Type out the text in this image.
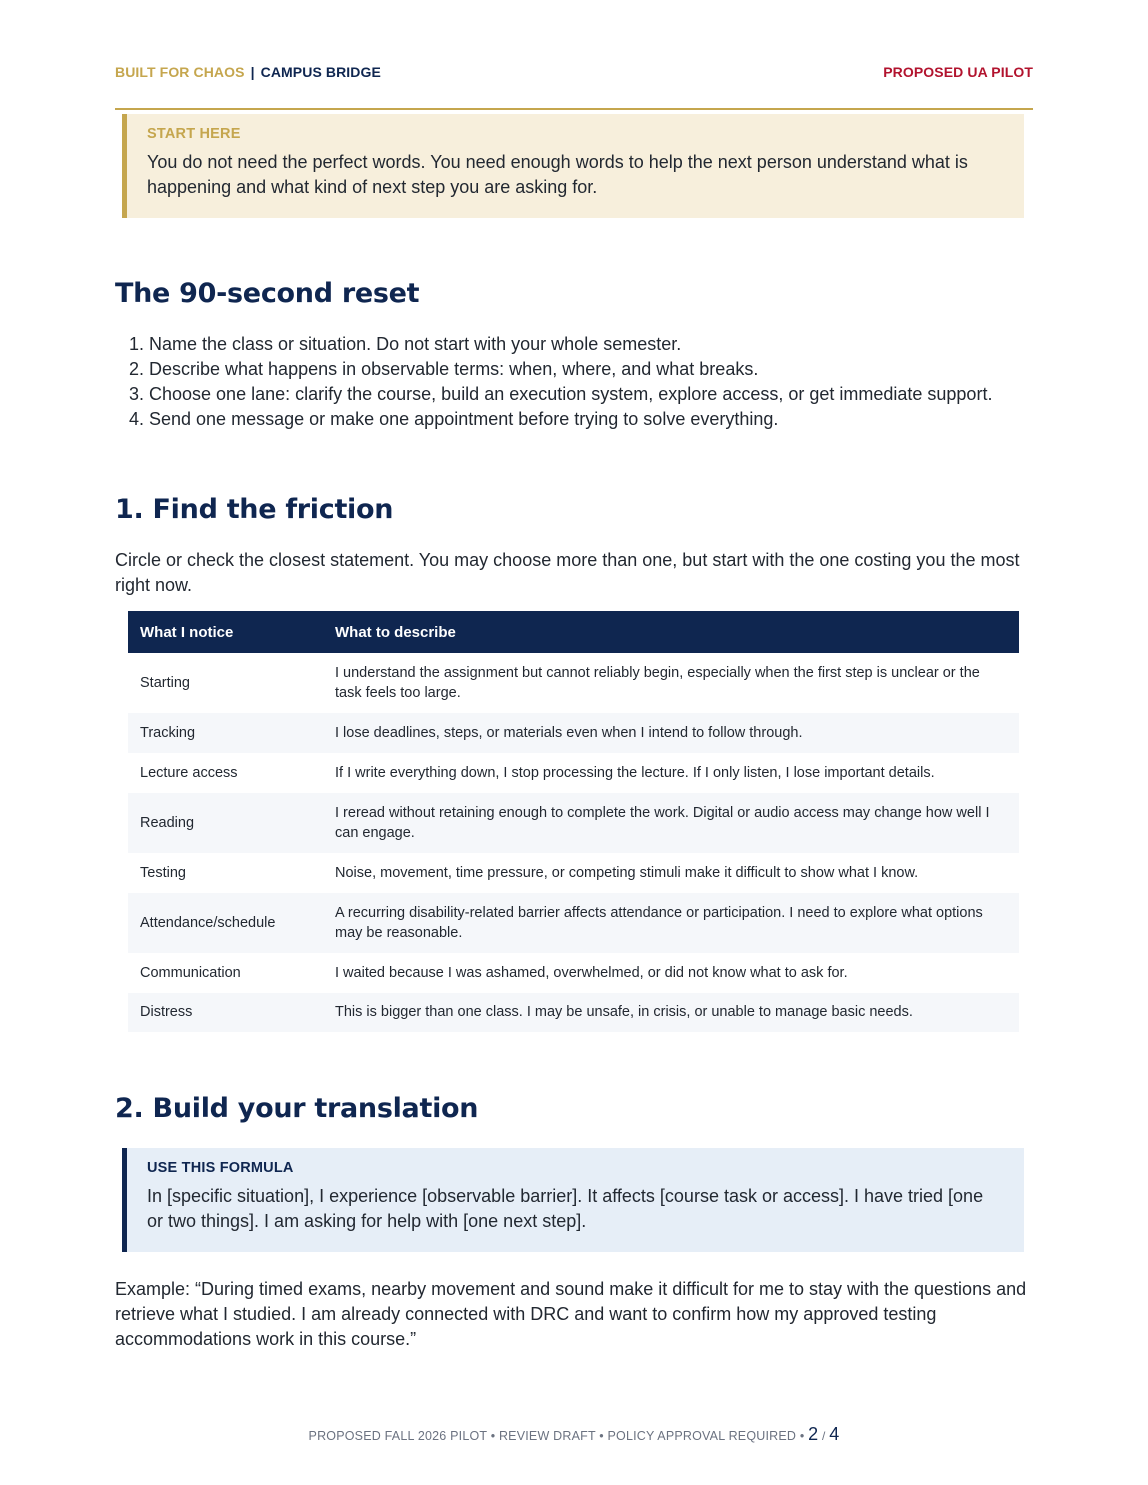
BUILT FOR CHAOS | CAMPUS BRIDGE	PROPOSED UA PILOT
START HERE
You do not need the perfect words. You need enough words to help the next person understand what is happening and what kind of next step you are asking for.
The 90-second reset
1. Name the class or situation. Do not start with your whole semester.
2. Describe what happens in observable terms: when, where, and what breaks.
3. Choose one lane: clarify the course, build an execution system, explore access, or get immediate support.
4. Send one message or make one appointment before trying to solve everything.
1. Find the friction

Circle or check the closest statement. You may choose more than one, but start with the one costing you the most right now.

What I notice	What to describe
Starting	I understand the assignment but cannot reliably begin, especially when the first step is unclear or the task feels too large.
Tracking	I lose deadlines, steps, or materials even when I intend to follow through.
Lecture access	If I write everything down, I stop processing the lecture. If I only listen, I lose important details.
Reading	I reread without retaining enough to complete the work. Digital or audio access may change how well I can engage.
Testing	Noise, movement, time pressure, or competing stimuli make it difficult to show what I know.
Attendance/schedule	A recurring disability-related barrier affects attendance or participation. I need to explore what options may be reasonable.
Communication	I waited because I was ashamed, overwhelmed, or did not know what to ask for.
Distress	This is bigger than one class. I may be unsafe, in crisis, or unable to manage basic needs.
2. Build your translation
USE THIS FORMULA
In [specific situation], I experience [observable barrier]. It affects [course task or access]. I have tried [one or two things]. I am asking for help with [one next step].

Example: “During timed exams, nearby movement and sound make it difficult for me to stay with the questions and retrieve what I studied. I am already connected with DRC and want to confirm how my approved testing accommodations work in this course.”

PROPOSED FALL 2026 PILOT • REVIEW DRAFT • POLICY APPROVAL REQUIRED • 2 / 4
